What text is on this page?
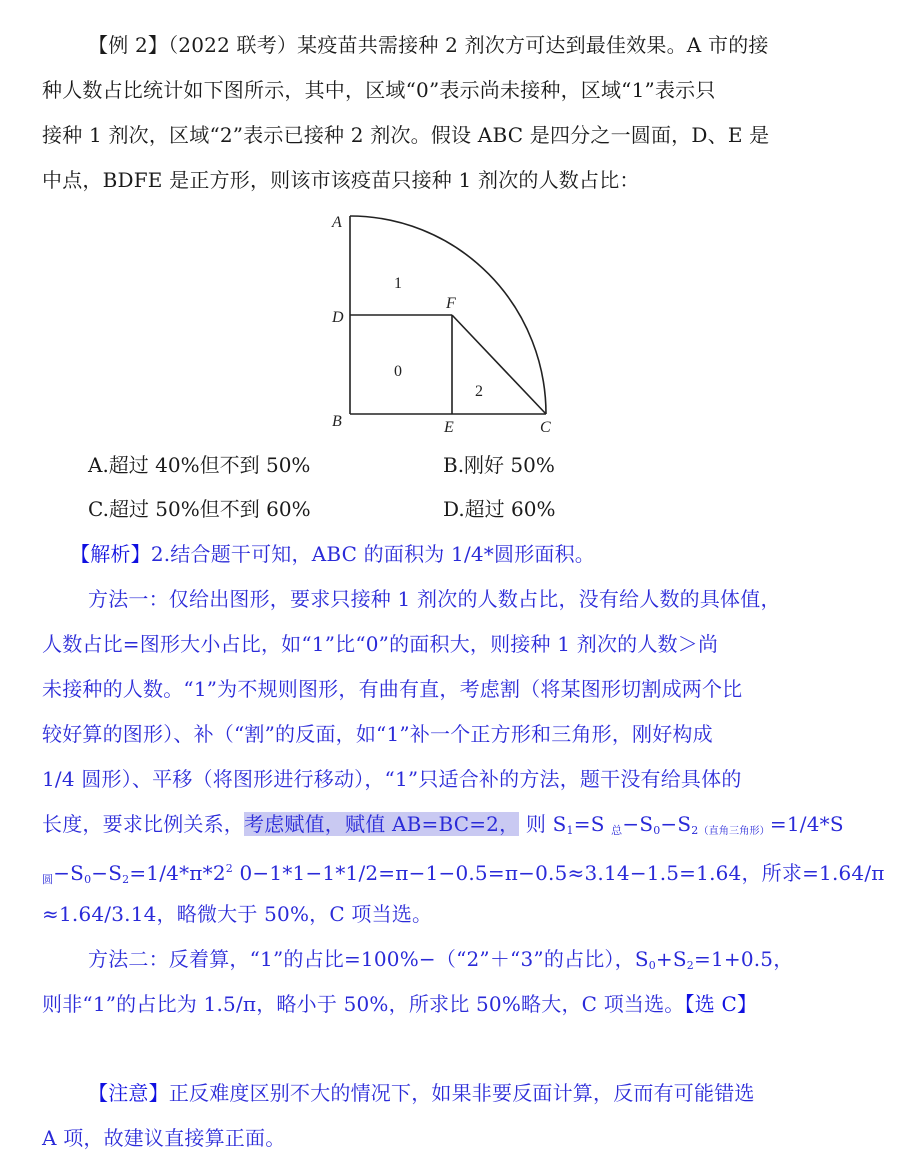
【例 2】（2022 联考）某疫苗共需接种 2 剂次方可达到最佳效果。A 市的接
种人数占比统计如下图所示，其中，区域“0”表示尚未接种，区域“1”表示只
接种 1 剂次，区域“2”表示已接种 2 剂次。假设 ABC 是四分之一圆面，D、E 是
中点，BDFE 是正方形，则该市该疫苗只接种 1 剂次的人数占比：
A
D
B	E	C
F
1
0
2
A.超过 40%但不到 50%	B.刚好 50%
C.超过 50%但不到 60%	D.超过 60%
【解析】2.结合题干可知，ABC 的面积为 1/4*圆形面积。
方法一：仅给出图形，要求只接种 1 剂次的人数占比，没有给人数的具体值，
人数占比=图形大小占比，如“1”比“0”的面积大，则接种 1 剂次的人数＞尚
未接种的人数。“1”为不规则图形，有曲有直，考虑割（将某图形切割成两个比
较好算的图形）、补（“割”的反面，如“1”补一个正方形和三角形，刚好构成
1/4 圆形）、平移（将图形进行移动），“1”只适合补的方法，题干没有给具体的
长度，要求比例关系，考虑赋值，赋值 AB=BC=2， 则 $S_1=S$ $_总-S_0-S_{2(直角三角形)}=1/4*S$
$_圆-S_0-S_2=1/4*\pi*2^2$ 0−1*1−1*1/2=π−1−0.5=π−0.5≈3.14−1.5=1.64，所求=1.64/π
≈1.64/3.14，略微大于 50%，C 项当选。
方法二：反着算，“1”的占比=100%−（“2”＋“3”的占比），$S_0+S_2=1+0.5$，
则非“1”的占比为 1.5/π，略小于 50%，所求比 50%略大，C 项当选。【选 C】
【注意】正反难度区别不大的情况下，如果非要反面计算，反而有可能错选
A 项，故建议直接算正面。
